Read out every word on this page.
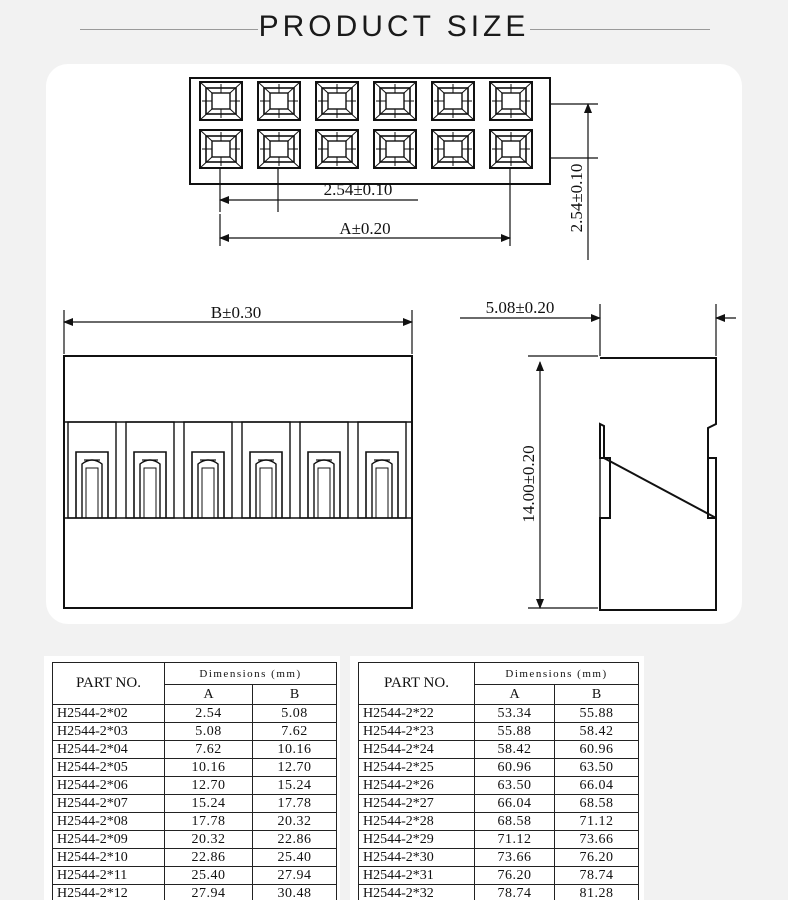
PRODUCT SIZE
2.54±0.10
A±0.20	2.54±0.10
B±0.30	5.08±0.20
14.00±0.20
PART NO.	Dimensions (mm)	
	A	B
H2544-2*02	2.54	5.08
H2544-2*03	5.08	7.62
H2544-2*04	7.62	10.16
H2544-2*05	10.16	12.70
H2544-2*06	12.70	15.24
H2544-2*07	15.24	17.78
H2544-2*08	17.78	20.32
H2544-2*09	20.32	22.86
H2544-2*10	22.86	25.40
H2544-2*11	25.40	27.94
H2544-2*12	27.94	30.48
PART NO.	Dimensions (mm)	
	A	B
H2544-2*22	53.34	55.88
H2544-2*23	55.88	58.42
H2544-2*24	58.42	60.96
H2544-2*25	60.96	63.50
H2544-2*26	63.50	66.04
H2544-2*27	66.04	68.58
H2544-2*28	68.58	71.12
H2544-2*29	71.12	73.66
H2544-2*30	73.66	76.20
H2544-2*31	76.20	78.74
H2544-2*32	78.74	81.28
